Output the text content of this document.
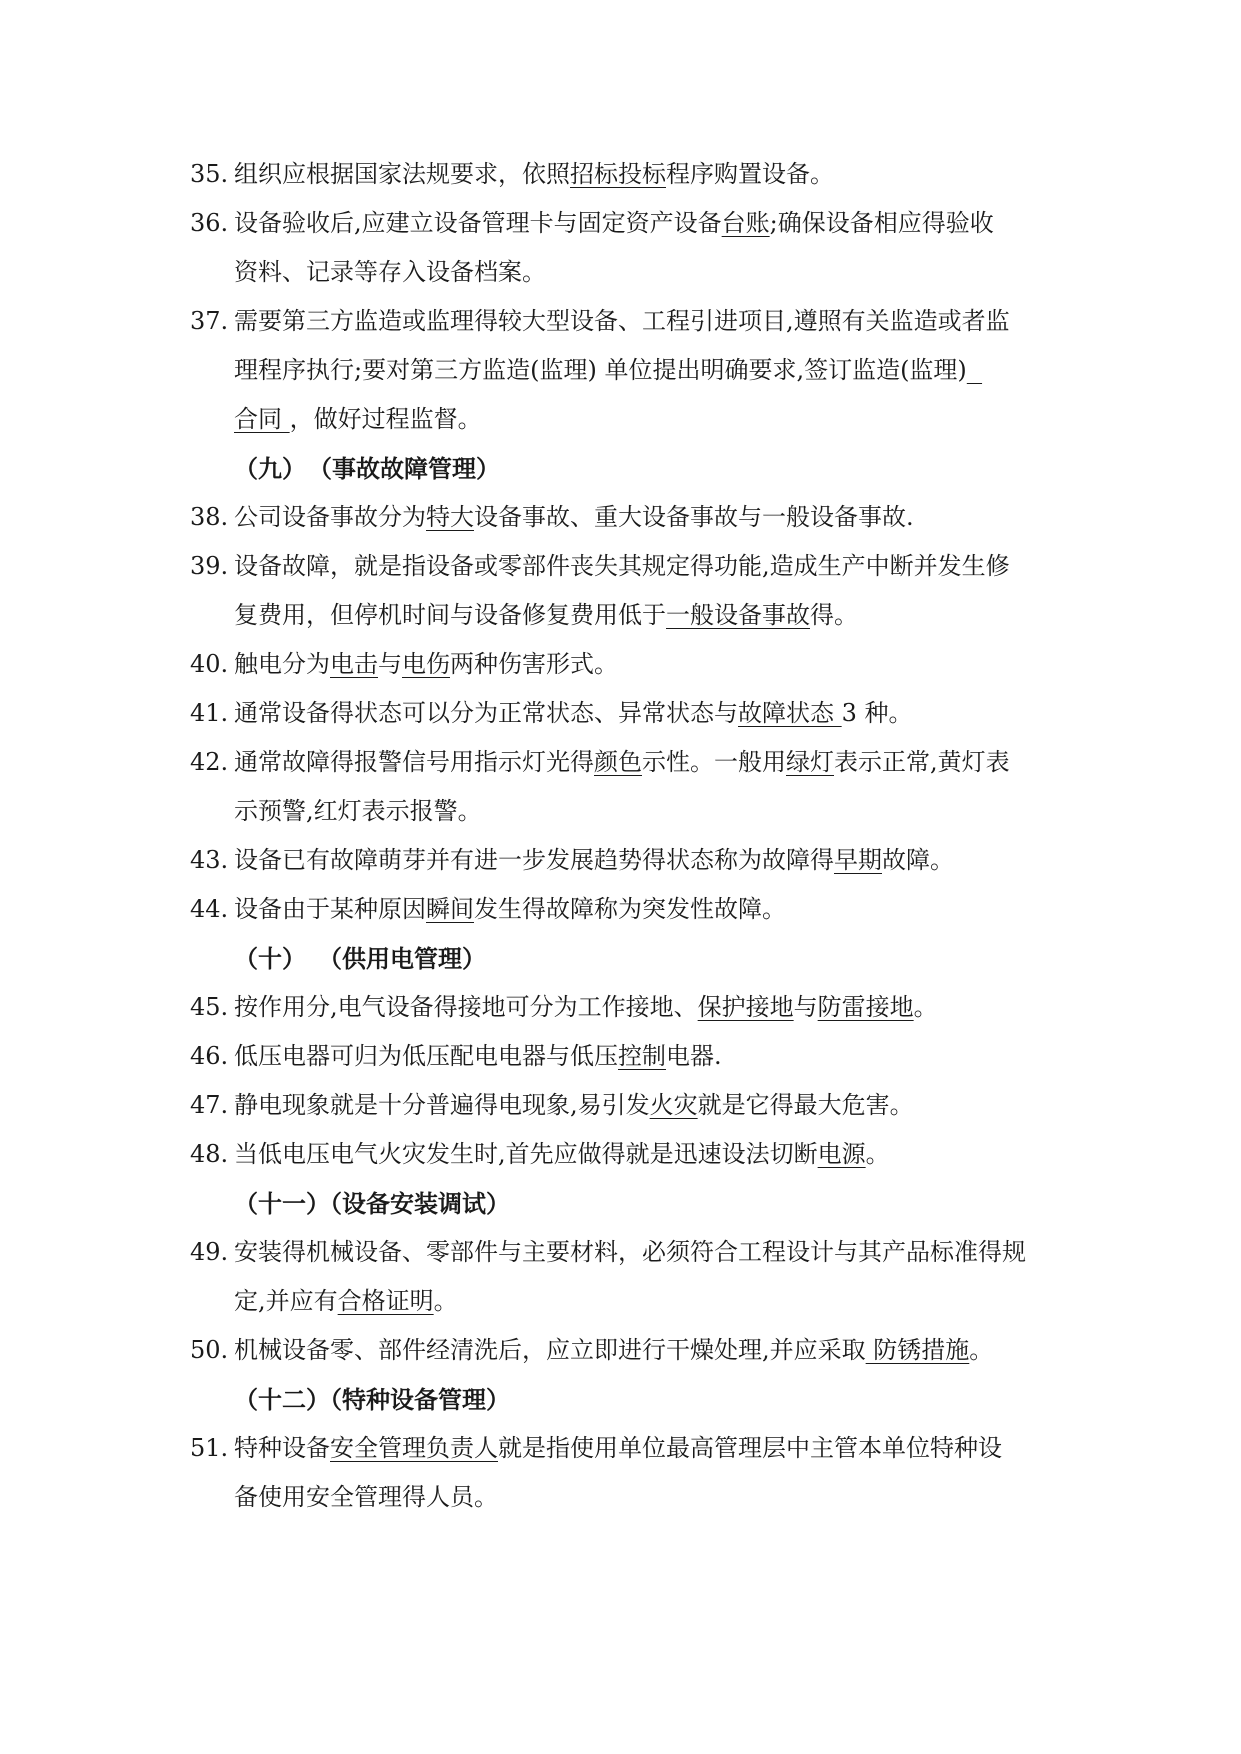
35. 组织应根据国家法规要求，依照招标投标程序购置设备。
36. 设备验收后,应建立设备管理卡与固定资产设备台账;确保设备相应得验收
资料、记录等存入设备档案。
37. 需要第三方监造或监理得较大型设备、工程引进项目,遵照有关监造或者监
理程序执行;要对第三方监造(监理) 单位提出明确要求,签订监造(监理)
合同 ，做好过程监督。
（九）（事故故障管理）
38. 公司设备事故分为特大设备事故、重大设备事故与一般设备事故.
39. 设备故障，就是指设备或零部件丧失其规定得功能,造成生产中断并发生修
复费用，但停机时间与设备修复费用低于一般设备事故得。
40. 触电分为电击与电伤两种伤害形式。
41. 通常设备得状态可以分为正常状态、异常状态与故障状态 3 种。
42. 通常故障得报警信号用指示灯光得颜色示性。一般用绿灯表示正常,黄灯表
示预警,红灯表示报警。
43. 设备已有故障萌芽并有进一步发展趋势得状态称为故障得早期故障。
44. 设备由于某种原因瞬间发生得故障称为突发性故障。
（十） （供用电管理）
45. 按作用分,电气设备得接地可分为工作接地、保护接地与防雷接地。
46. 低压电器可归为低压配电电器与低压控制电器.
47. 静电现象就是十分普遍得电现象,易引发火灾就是它得最大危害。
48. 当低电压电气火灾发生时,首先应做得就是迅速设法切断电源。
（十一）（设备安装调试）
49. 安装得机械设备、零部件与主要材料，必须符合工程设计与其产品标准得规
定,并应有合格证明。
50. 机械设备零、部件经清洗后，应立即进行干燥处理,并应采取 防锈措施。
（十二）（特种设备管理）
51. 特种设备安全管理负责人就是指使用单位最高管理层中主管本单位特种设
备使用安全管理得人员。
